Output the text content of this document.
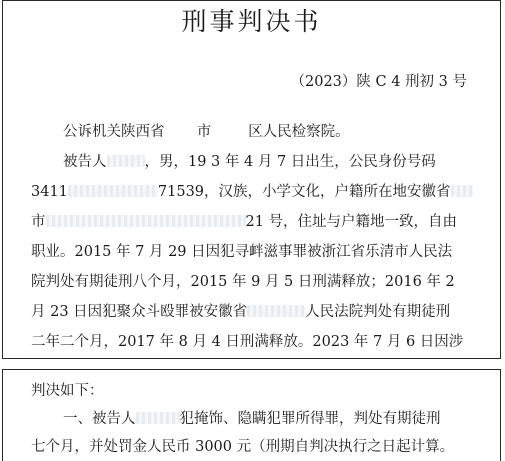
刑事判决书
（2023）陕 C 4 刑初 3 号
公诉机关陕西省       市        区人民检察院。
被告人	，男，19 3 年 4 月 7 日出生，公民身份号码
3411	71539，汉族，小学文化，户籍所在地安徽省
市	21 号，住址与户籍地一致，自由
职业。2015 年 7 月 29 日因犯寻衅滋事罪被浙江省乐清市人民法
院判处有期徒刑八个月，2015 年 9 月 5 日刑满释放；2016 年 2
月 23 日因犯聚众斗殴罪被安徽省	人民法院判处有期徒刑
二年二个月，2017 年 8 月 4 日刑满释放。2023 年 7 月 6 日因涉
判决如下：
一、被告人	犯掩饰、隐瞒犯罪所得罪，判处有期徒刑
七个月，并处罚金人民币 3000 元（刑期自判决执行之日起计算。
